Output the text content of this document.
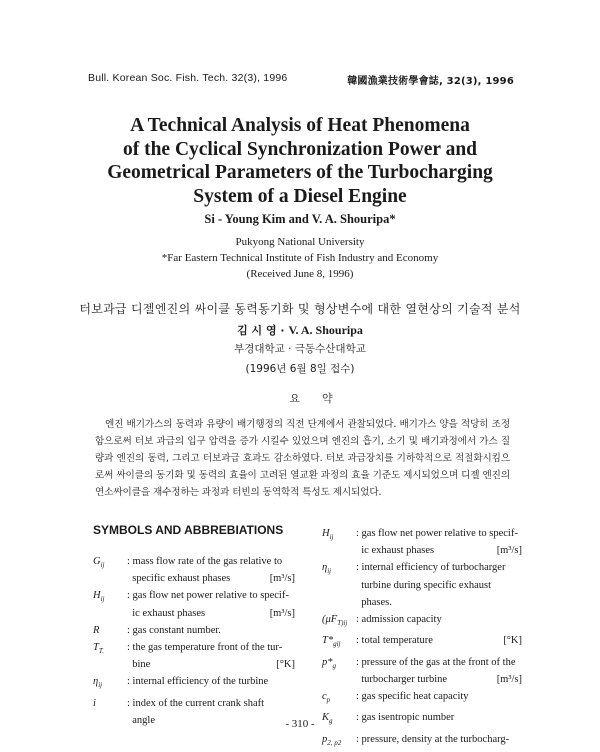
Bull. Korean Soc. Fish. Tech. 32(3), 1996	韓國漁業技術學會誌, 32(3), 1996
A Technical Analysis of Heat Phenomena
of the Cyclical Synchronization Power and
Geometrical Parameters of the Turbocharging
System of a Diesel Engine
Si - Young Kim and V. A. Shouripa*
Pukyong National University
*Far Eastern Technical Institute of Fish Industry and Economy
(Received June 8, 1996)
터보과급 디젤엔진의 싸이클 동력동기화 및 형상변수에 대한 열현상의 기술적 분석
김 시 영 · V. A. Shouripa
부경대학교 · 극동수산대학교
(1996년 6월 8일 접수)
요약
엔진 배기가스의 동력과 유량이 배기행정의 직전 단계에서 관찰되었다. 배기가스 양을 적당히 조정함으로써 터보 과급의 입구 압력을 증가 시킬수 있었으며 엔진의 흡기, 소기 및 배기과정에서 가스 질량과 엔진의 동력, 그리고 터보과급 효과도 감소하였다. 터보 과급장치를 기하학적으로 적절화시킴으로써 싸이클의 동기화 및 동력의 효율이 고려된 열교환 과정의 효율 기준도 제시되었으며 디젤 엔진의 연소싸이클을 재수정하는 과정과 터빈의 동역학적 특성도 제시되었다.
SYMBOLS AND ABBREBIATIONS
$G_{ij}$	: mass flow rate of the gas relative to
specific exhaust phases	[m³/s]
$H_{ij}$	: gas flow net power relative to specif-
ic exhaust phases	[m³/s]
R	: gas constant number.
$T_{T.}$	: the gas temperature front of the tur-
bine	[°K]
$\eta_{ij}$	: internal efficiency of the turbine
i	: index of the current crank shaft
angle
$H_{ij}$	: gas flow net power relative to specif-
ic exhaust phases	[m³/s]
$\eta_{ij}$	: internal efficiency of turbocharger
turbine during specific exhaust
phases.
($\mu F_{T)ij}$ : admission capacity
$T*_{gij}$	: total temperature	[°K]
$p*_g$	: pressure of the gas at the front of the
turbocharger turbine	[m³/s]
$c_p$	: gas specific heat capacity
$K_g$	: gas isentropic number
$p_{2, p2}$	: pressure, density at the turbocharg-
- 310 -
